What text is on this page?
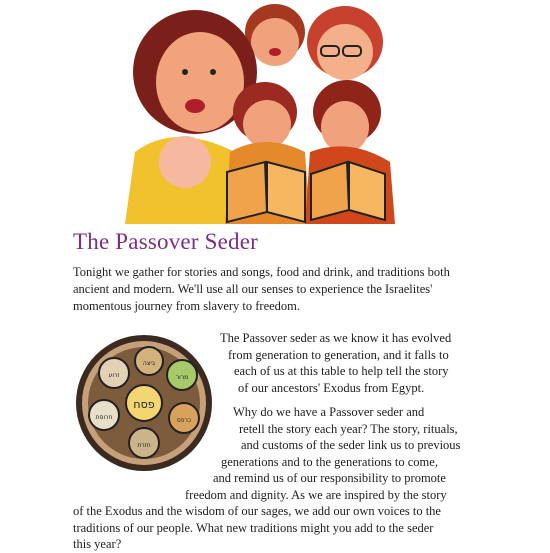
The Passover Seder

Tonight we gather for stories and songs, food and drink, and traditions both ancient and modern. We'll use all our senses to experience the Israelites' momentous journey from slavery to freedom.

פסח
זרוע
ביצה
מרור
חרוסת	כרפס
חזרת

The Passover seder as we know it has evolved
from generation to generation, and it falls to
each of us at this table to help tell the story
of our ancestors' Exodus from Egypt.

Why do we have a Passover seder and
retell the story each year? The story, rituals,
and customs of the seder link us to previous
generations and to the generations to come,
and remind us of our responsibility to promote
freedom and dignity. As we are inspired by the story
of the Exodus and the wisdom of our sages, we add our own voices to the
traditions of our people. What new traditions might you add to the seder
this year?
